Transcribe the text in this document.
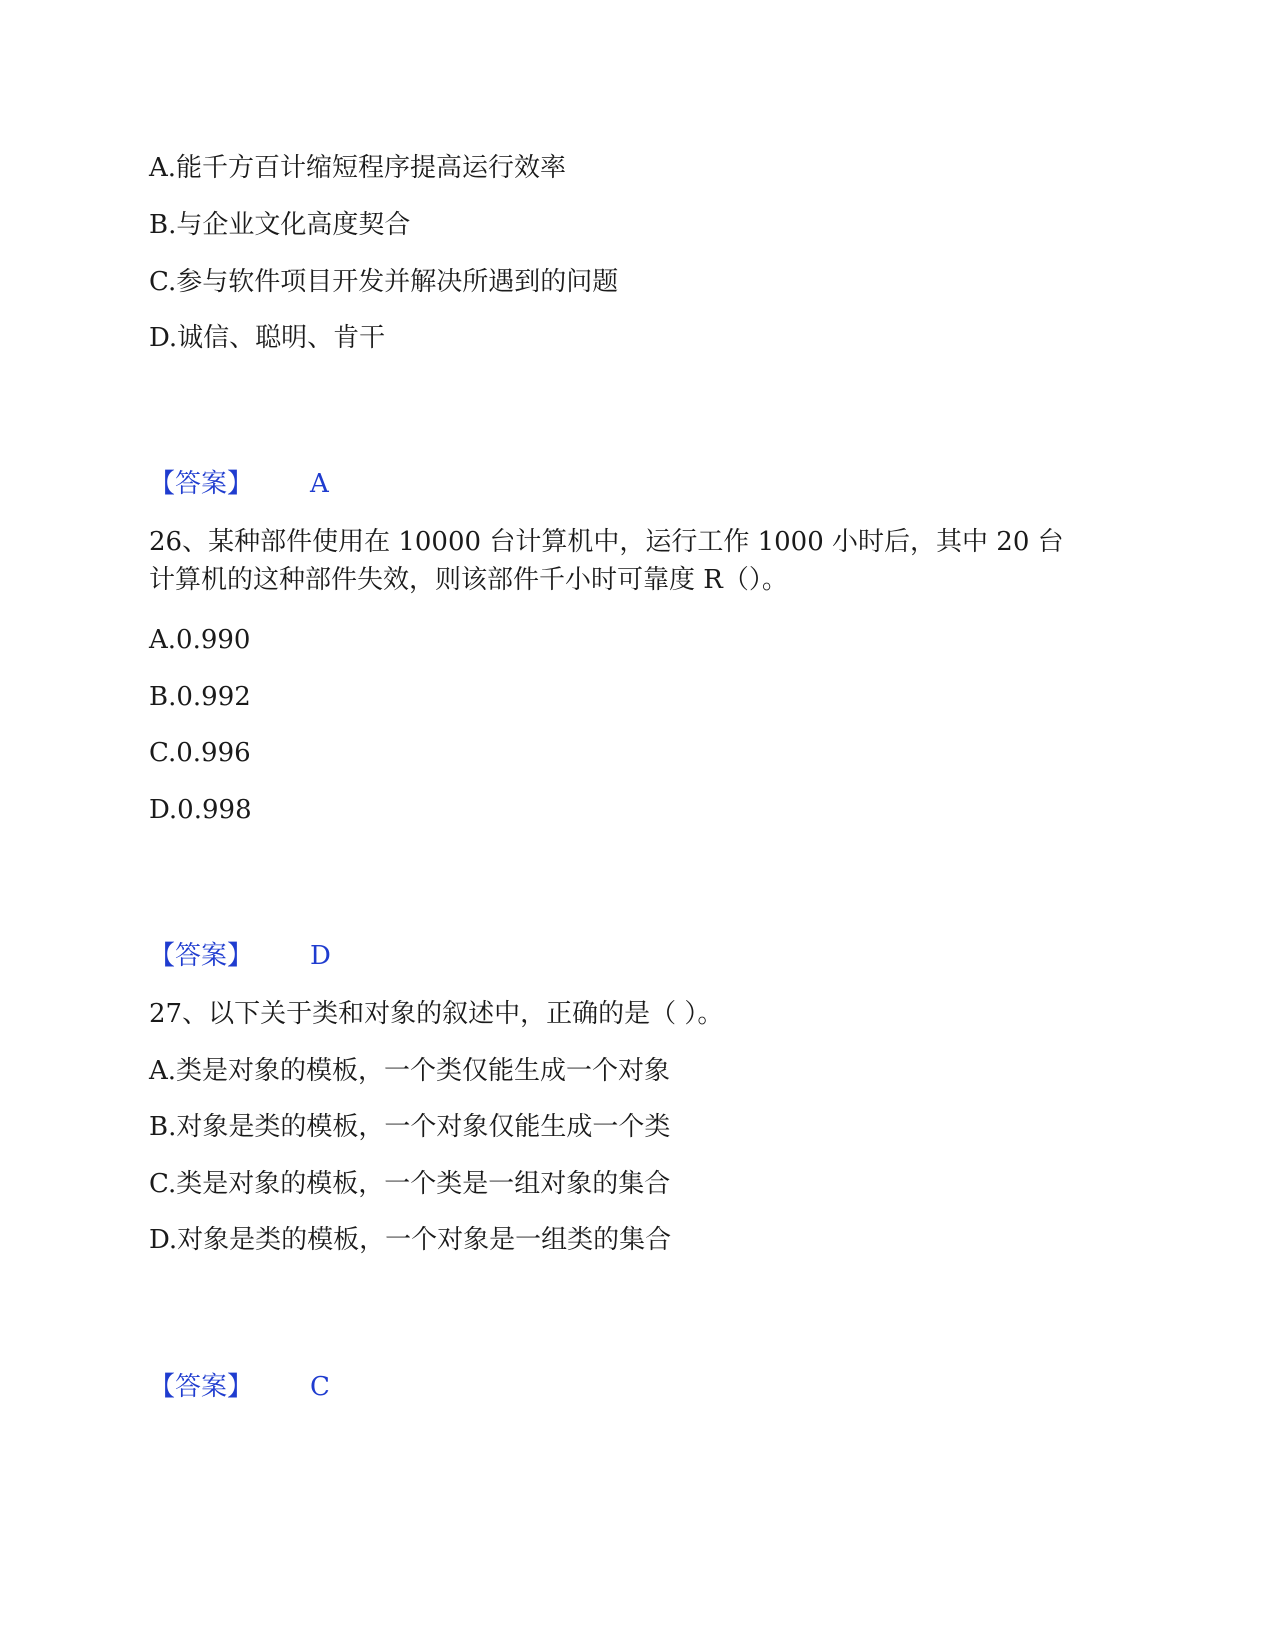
A.能千方百计缩短程序提高运行效率
B.与企业文化高度契合
C.参与软件项目开发并解决所遇到的问题
D.诚信、聪明、肯干
【答案】 A
26、某种部件使用在 10000 台计算机中，运行工作 1000 小时后，其中 20 台
计算机的这种部件失效，则该部件千小时可靠度 R（）。
A.0.990
B.0.992
C.0.996
D.0.998
【答案】 D
27、以下关于类和对象的叙述中，正确的是（ ）。
A.类是对象的模板，一个类仅能生成一个对象
B.对象是类的模板，一个对象仅能生成一个类
C.类是对象的模板，一个类是一组对象的集合
D.对象是类的模板，一个对象是一组类的集合
【答案】 C
